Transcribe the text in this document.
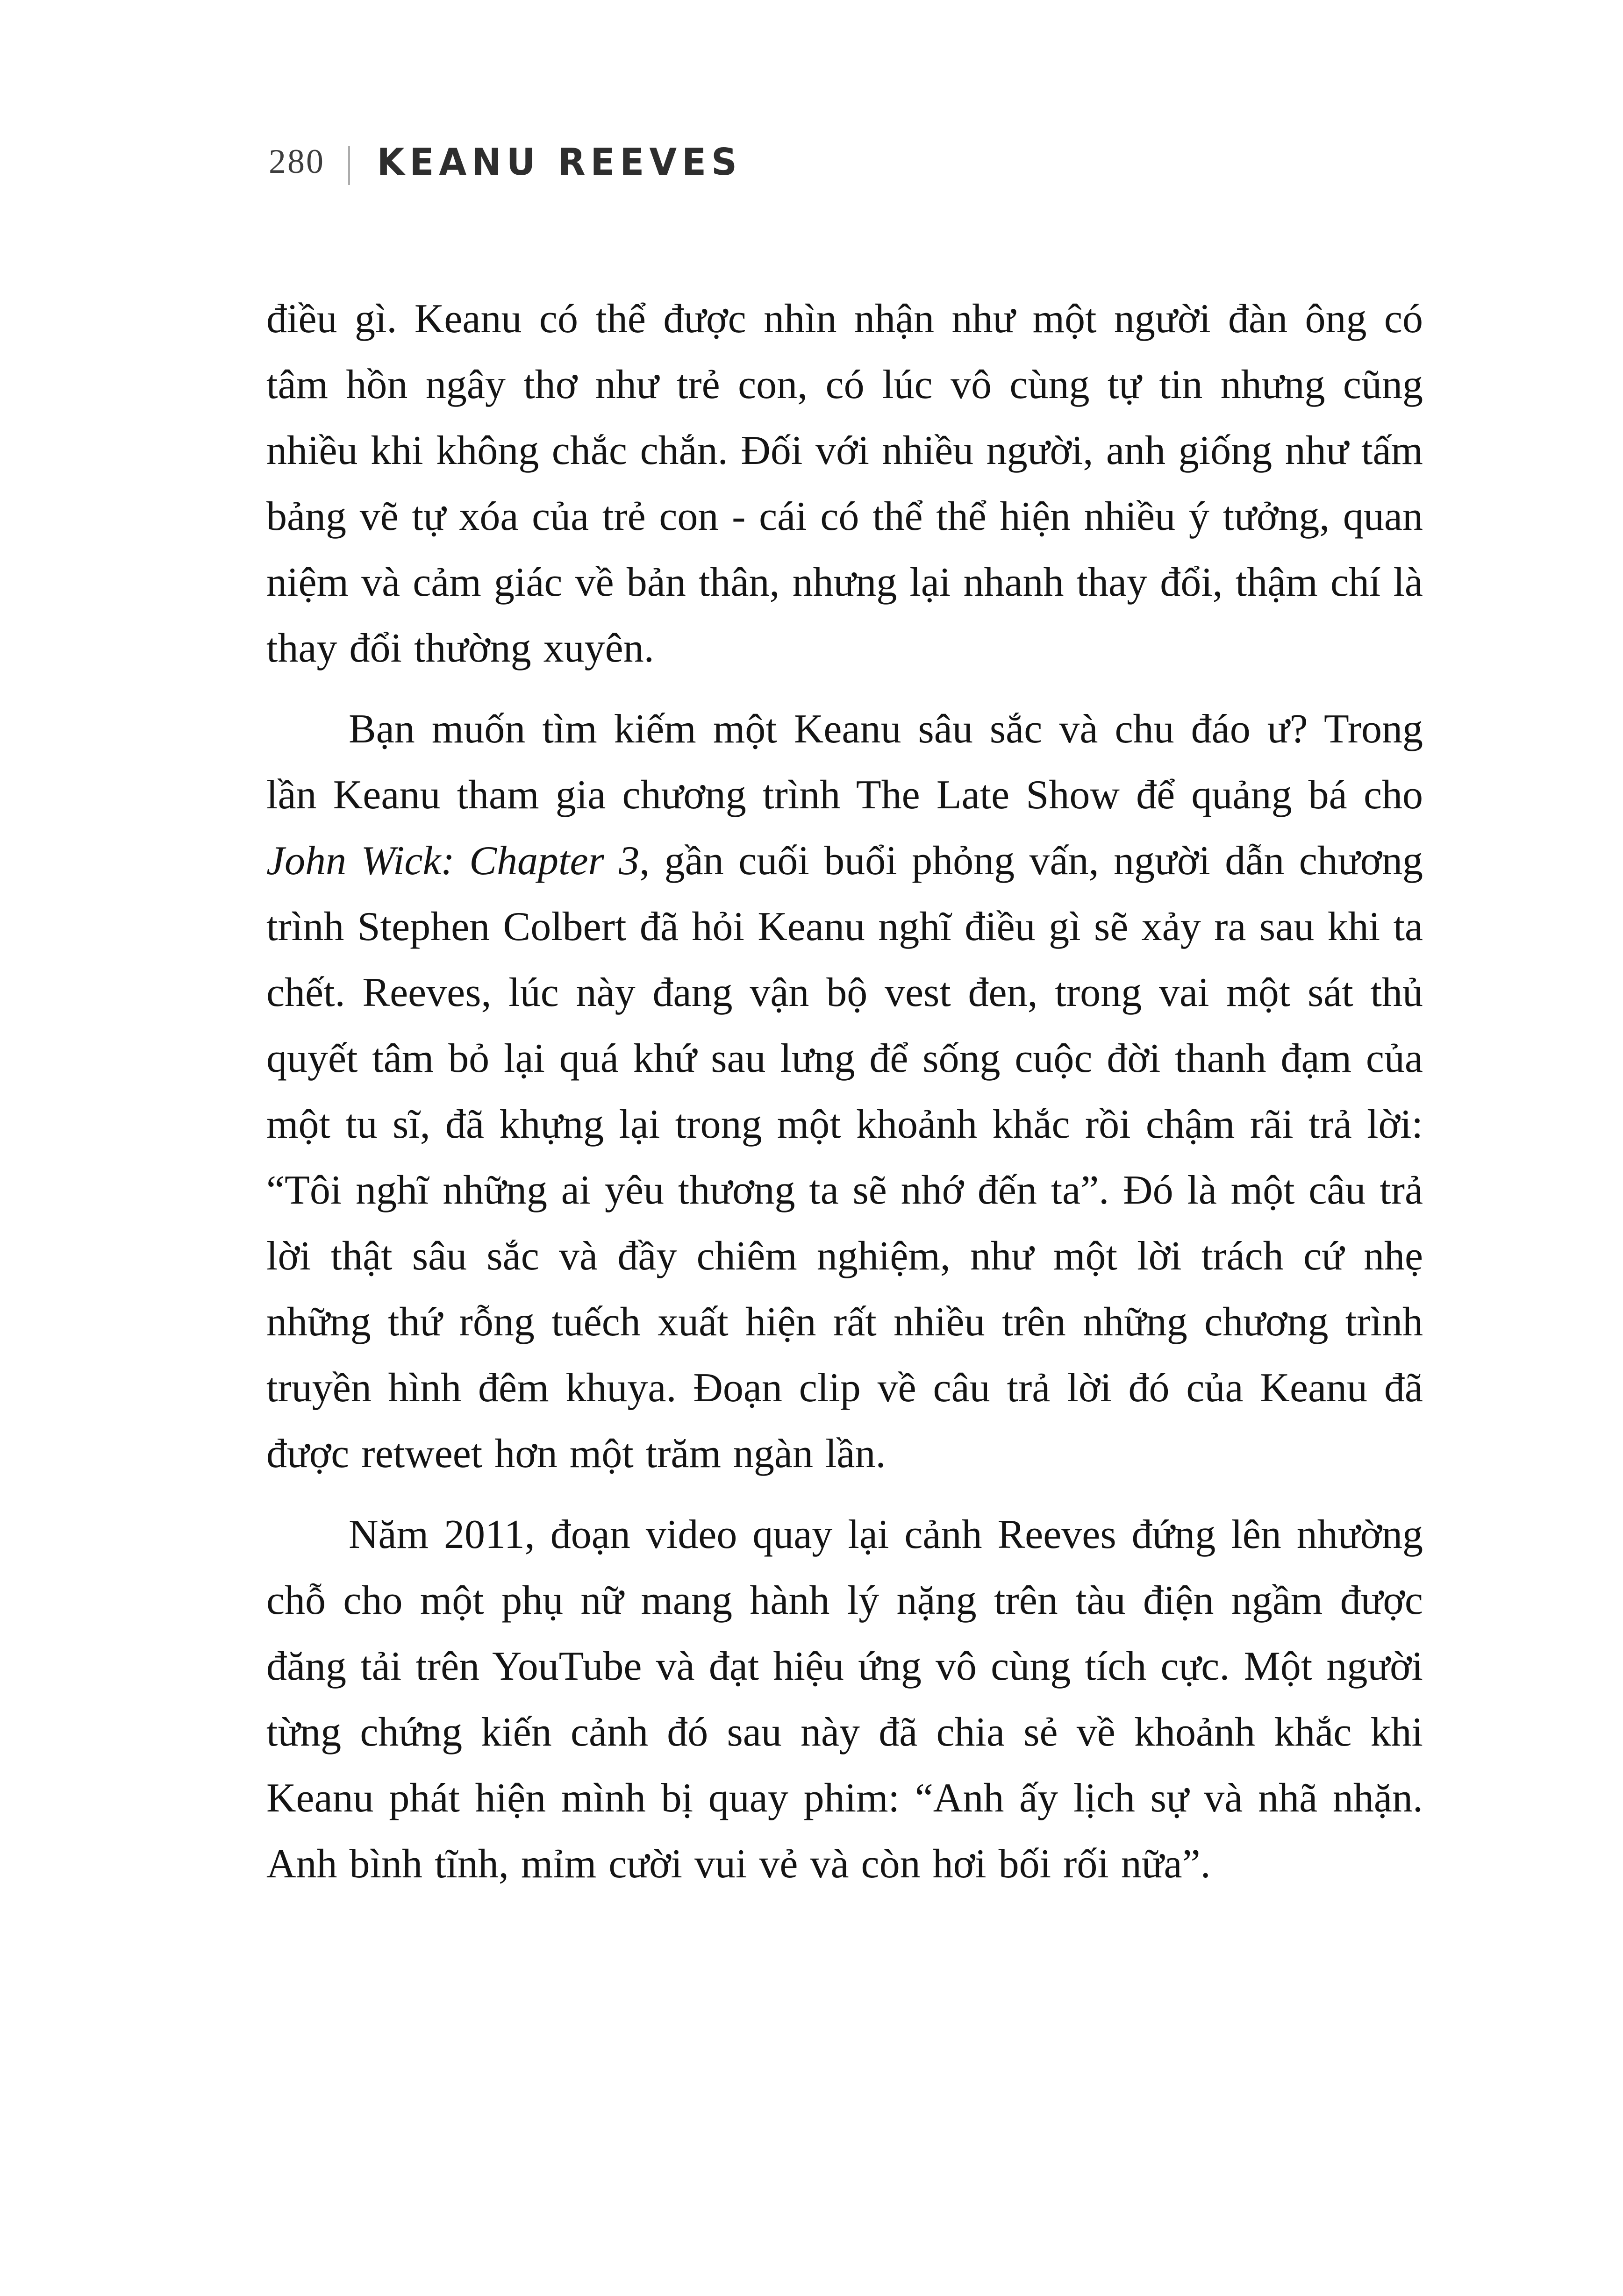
280 | KEANU REEVES

điều gì. Keanu có thể được nhìn nhận như một người đàn ông có tâm hồn ngây thơ như trẻ con, có lúc vô cùng tự tin nhưng cũng nhiều khi không chắc chắn. Đối với nhiều người, anh giống như tấm bảng vẽ tự xóa của trẻ con - cái có thể thể hiện nhiều ý tưởng, quan niệm và cảm giác về bản thân, nhưng lại nhanh thay đổi, thậm chí là thay đổi thường xuyên.

Bạn muốn tìm kiếm một Keanu sâu sắc và chu đáo ư? Trong lần Keanu tham gia chương trình The Late Show để quảng bá cho John Wick: Chapter 3, gần cuối buổi phỏng vấn, người dẫn chương trình Stephen Colbert đã hỏi Keanu nghĩ điều gì sẽ xảy ra sau khi ta chết. Reeves, lúc này đang vận bộ vest đen, trong vai một sát thủ quyết tâm bỏ lại quá khứ sau lưng để sống cuộc đời thanh đạm của một tu sĩ, đã khựng lại trong một khoảnh khắc rồi chậm rãi trả lời: “Tôi nghĩ những ai yêu thương ta sẽ nhớ đến ta”. Đó là một câu trả lời thật sâu sắc và đầy chiêm nghiệm, như một lời trách cứ nhẹ những thứ rỗng tuếch xuất hiện rất nhiều trên những chương trình truyền hình đêm khuya. Đoạn clip về câu trả lời đó của Keanu đã được retweet hơn một trăm ngàn lần.

Năm 2011, đoạn video quay lại cảnh Reeves đứng lên nhường chỗ cho một phụ nữ mang hành lý nặng trên tàu điện ngầm được đăng tải trên YouTube và đạt hiệu ứng vô cùng tích cực. Một người từng chứng kiến cảnh đó sau này đã chia sẻ về khoảnh khắc khi Keanu phát hiện mình bị quay phim: “Anh ấy lịch sự và nhã nhặn. Anh bình tĩnh, mỉm cười vui vẻ và còn hơi bối rối nữa”.
